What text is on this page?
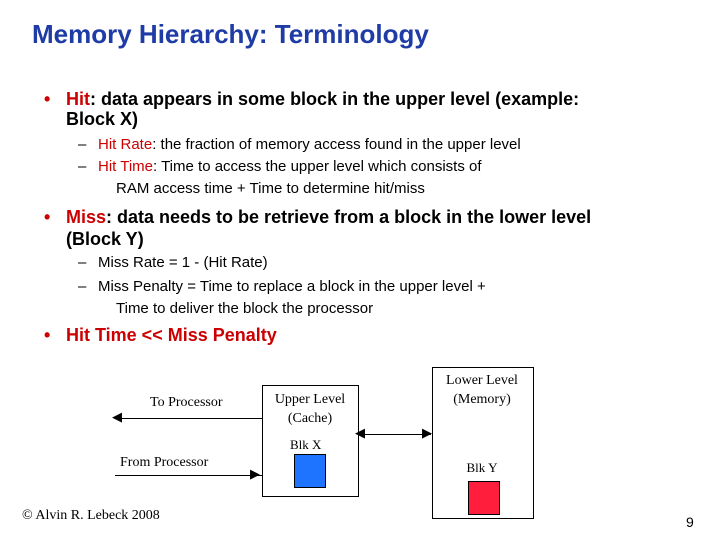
Memory Hierarchy: Terminology
• Hit: data appears in some block in the upper level (example:
Block X)
– Hit Rate: the fraction of memory access found in the upper level
– Hit Time: Time to access the upper level which consists of
RAM access time + Time to determine hit/miss
• Miss: data needs to be retrieve from a block in the lower level
(Block Y)
– Miss Rate = 1 - (Hit Rate)
– Miss Penalty = Time to replace a block in the upper level +
Time to deliver the block the processor
• Hit Time << Miss Penalty
To Processor
◀
From Processor
▶
Upper Level
(Cache)
Blk X
◀	▶
Lower Level
(Memory)
Blk Y
© Alvin R. Lebeck 2008	9
